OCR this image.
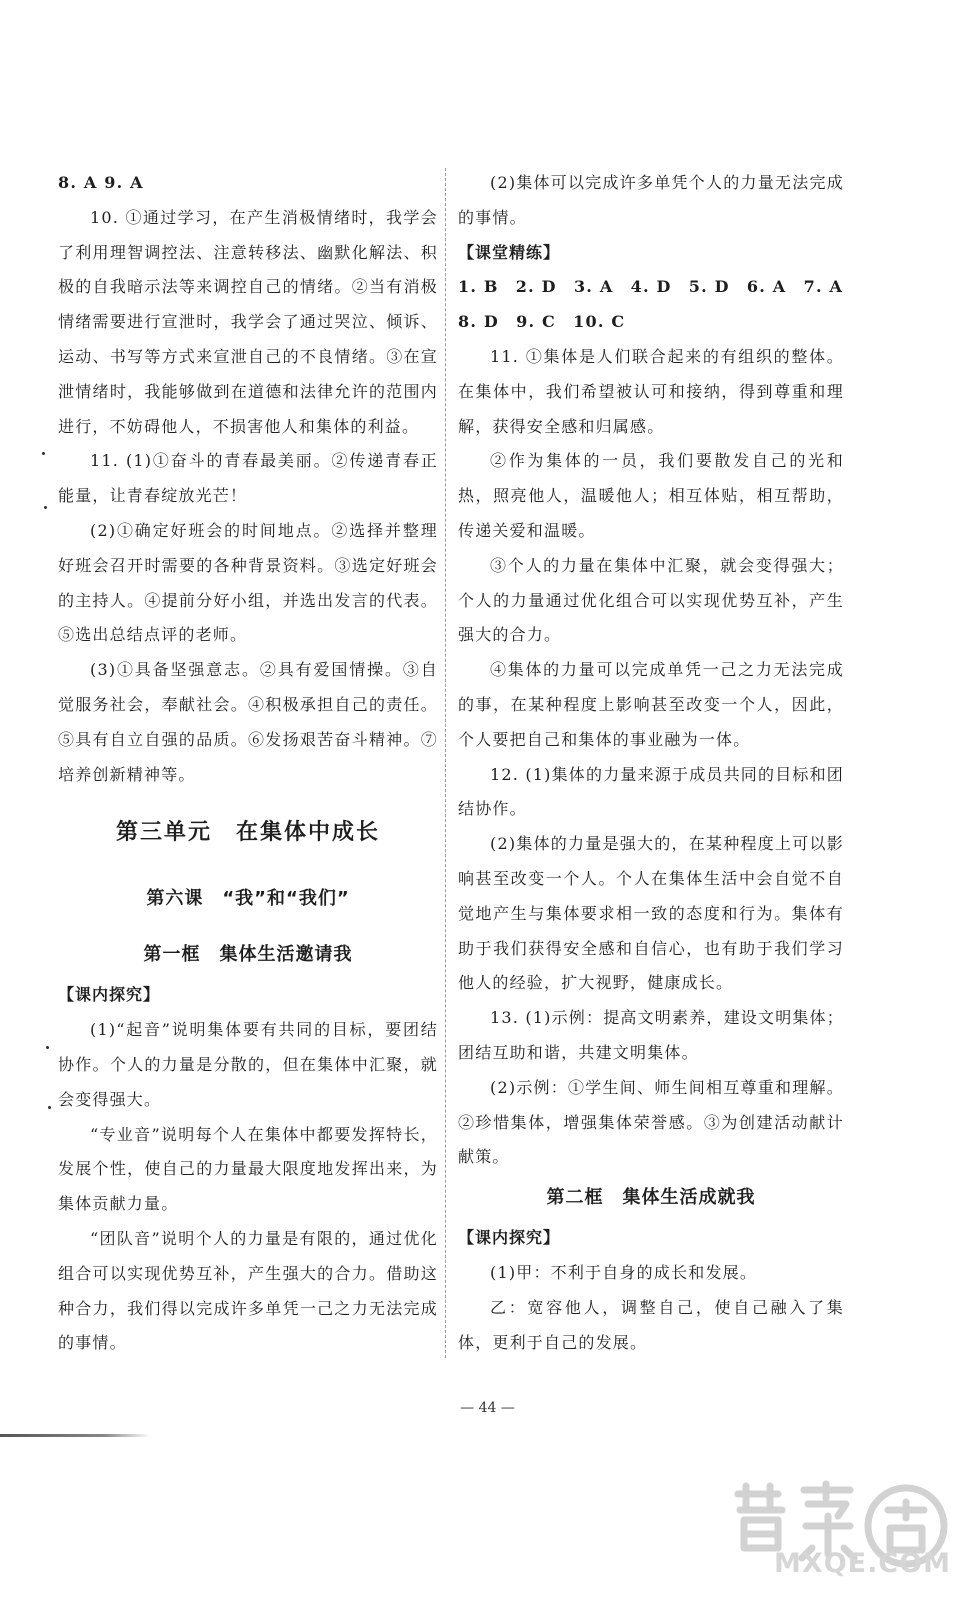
8. A 9. A

10. ①通过学习，在产生消极情绪时，我学会了利用理智调控法、注意转移法、幽默化解法、积极的自我暗示法等来调控自己的情绪。②当有消极情绪需要进行宣泄时，我学会了通过哭泣、倾诉、运动、书写等方式来宣泄自己的不良情绪。③在宣泄情绪时，我能够做到在道德和法律允许的范围内进行，不妨碍他人，不损害他人和集体的利益。

11. (1)①奋斗的青春最美丽。②传递青春正能量，让青春绽放光芒！

(2)①确定好班会的时间地点。②选择并整理好班会召开时需要的各种背景资料。③选定好班会的主持人。④提前分好小组，并选出发言的代表。⑤选出总结点评的老师。

(3)①具备坚强意志。②具有爱国情操。③自觉服务社会，奉献社会。④积极承担自己的责任。⑤具有自立自强的品质。⑥发扬艰苦奋斗精神。⑦培养创新精神等。

第三单元　在集体中成长
第六课　“我”和“我们”
第一框　集体生活邀请我
【课内探究】

(1)“起音”说明集体要有共同的目标，要团结协作。个人的力量是分散的，但在集体中汇聚，就会变得强大。

“专业音”说明每个人在集体中都要发挥特长，发展个性，使自己的力量最大限度地发挥出来，为集体贡献力量。

“团队音”说明个人的力量是有限的，通过优化组合可以实现优势互补，产生强大的合力。借助这种合力，我们得以完成许多单凭一己之力无法完成的事情。

(2)集体可以完成许多单凭个人的力量无法完成的事情。

【课堂精练】

1. B　2. D　3. A　4. D　5. D　6. A　7. A

8. D　9. C　10. C

11. ①集体是人们联合起来的有组织的整体。在集体中，我们希望被认可和接纳，得到尊重和理解，获得安全感和归属感。

②作为集体的一员，我们要散发自己的光和热，照亮他人，温暖他人；相互体贴，相互帮助，传递关爱和温暖。

③个人的力量在集体中汇聚，就会变得强大；个人的力量通过优化组合可以实现优势互补，产生强大的合力。

④集体的力量可以完成单凭一己之力无法完成的事，在某种程度上影响甚至改变一个人，因此，个人要把自己和集体的事业融为一体。

12. (1)集体的力量来源于成员共同的目标和团结协作。

(2)集体的力量是强大的，在某种程度上可以影响甚至改变一个人。个人在集体生活中会自觉不自觉地产生与集体要求相一致的态度和行为。集体有助于我们获得安全感和自信心，也有助于我们学习他人的经验，扩大视野，健康成长。

13. (1)示例：提高文明素养，建设文明集体；团结互助和谐，共建文明集体。

(2)示例：①学生间、师生间相互尊重和理解。②珍惜集体，增强集体荣誉感。③为创建活动献计献策。

第二框　集体生活成就我
【课内探究】

(1)甲：不利于自身的成长和发展。

乙：宽容他人，调整自己，使自己融入了集体，更利于自己的发展。

— 44 —
MXQE.COM
